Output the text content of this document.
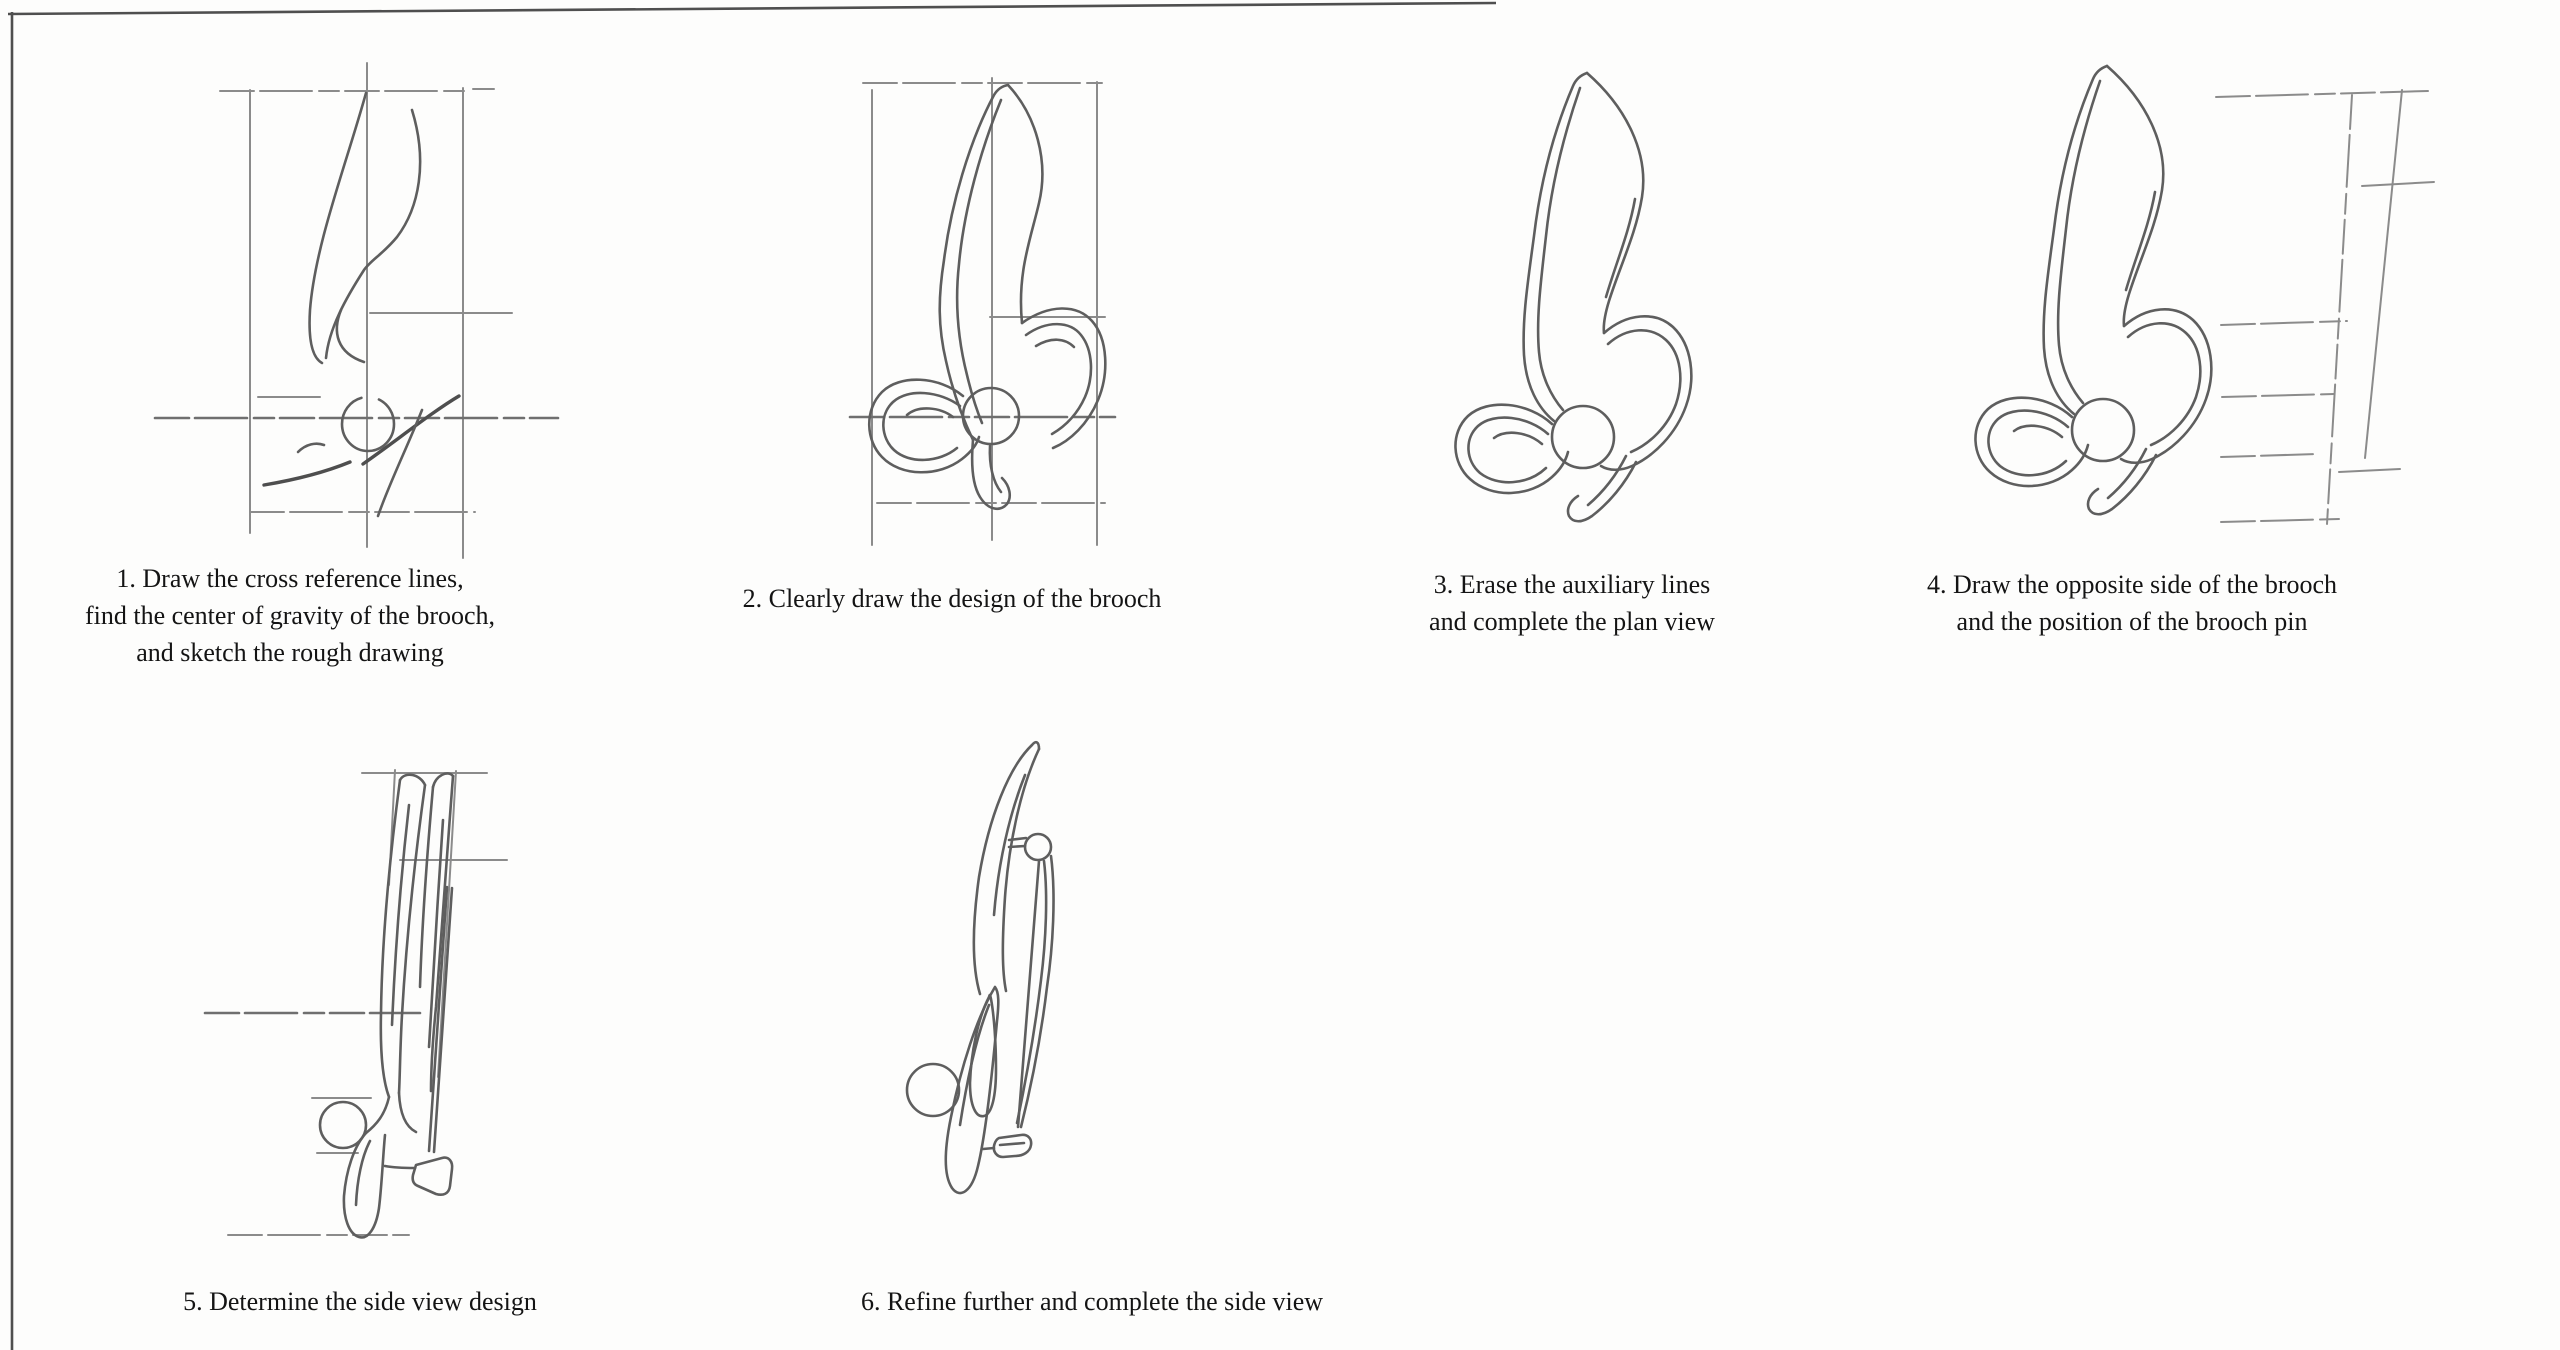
1. Draw the cross reference lines,
find the center of gravity of the brooch,
and sketch the rough drawing
2. Clearly draw the design of the brooch	3. Erase the auxiliary lines
and complete the plan view
4. Draw the opposite side of the brooch
and the position of the brooch pin
5. Determine the side view design	6. Refine further and complete the side view
